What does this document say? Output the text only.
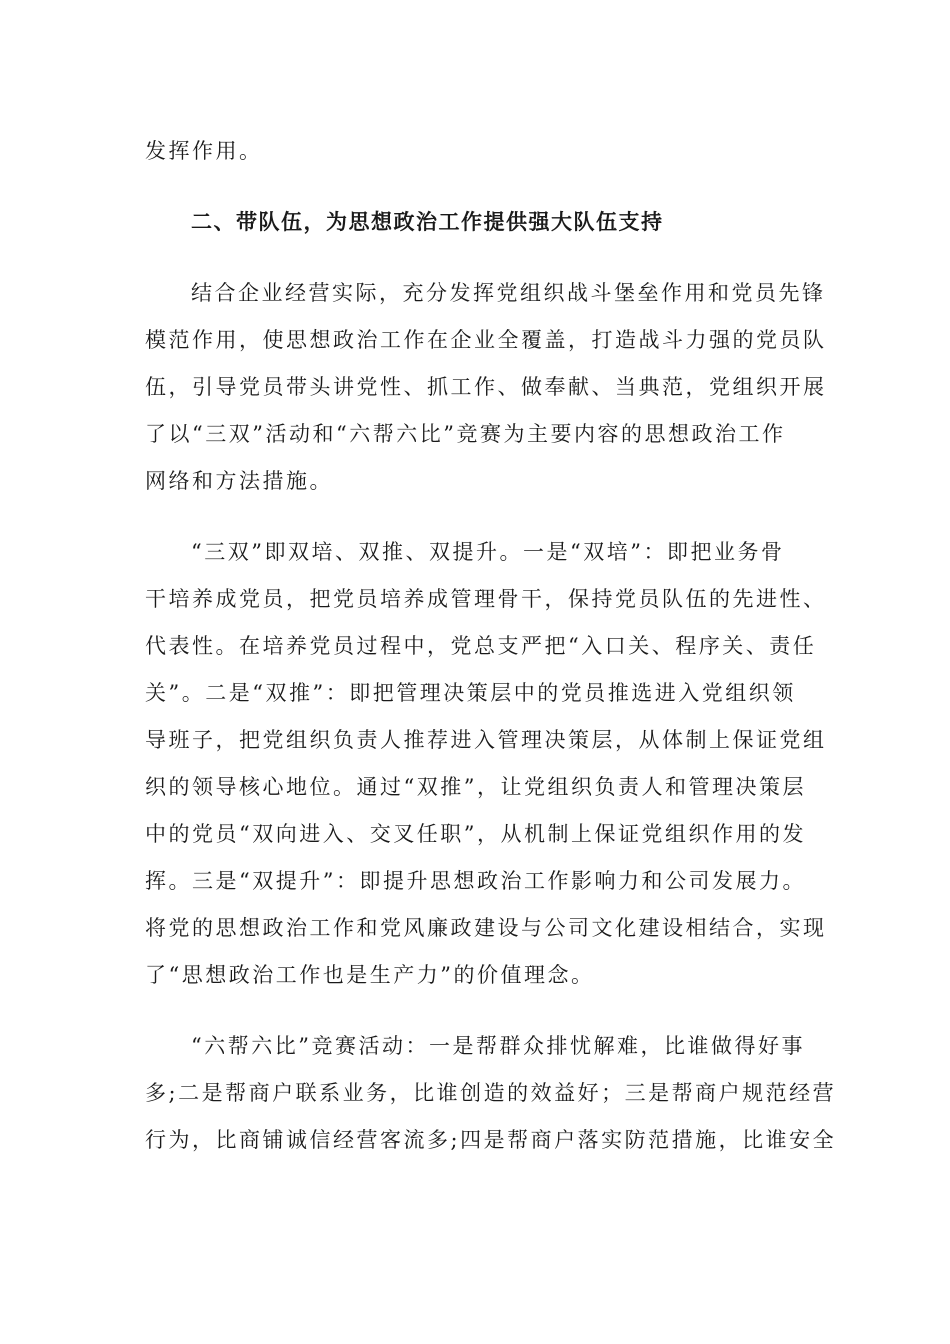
发挥作用。
二、带队伍，为思想政治工作提供强大队伍支持
结合企业经营实际，充分发挥党组织战斗堡垒作用和党员先锋
模范作用，使思想政治工作在企业全覆盖，打造战斗力强的党员队
伍，引导党员带头讲党性、抓工作、做奉献、当典范，党组织开展
了以“三双”活动和“六帮六比”竞赛为主要内容的思想政治工作
网络和方法措施。
“三双”即双培、双推、双提升。一是“双培”：即把业务骨
干培养成党员，把党员培养成管理骨干，保持党员队伍的先进性、
代表性。在培养党员过程中，党总支严把“入口关、程序关、责任
关”。二是“双推”：即把管理决策层中的党员推选进入党组织领
导班子，把党组织负责人推荐进入管理决策层，从体制上保证党组
织的领导核心地位。通过“双推”，让党组织负责人和管理决策层
中的党员“双向进入、交叉任职”，从机制上保证党组织作用的发
挥。三是“双提升”：即提升思想政治工作影响力和公司发展力。
将党的思想政治工作和党风廉政建设与公司文化建设相结合，实现
了“思想政治工作也是生产力”的价值理念。
“六帮六比”竞赛活动：一是帮群众排忧解难，比谁做得好事
多;二是帮商户联系业务，比谁创造的效益好；三是帮商户规范经营
行为，比商铺诚信经营客流多;四是帮商户落实防范措施，比谁安全
